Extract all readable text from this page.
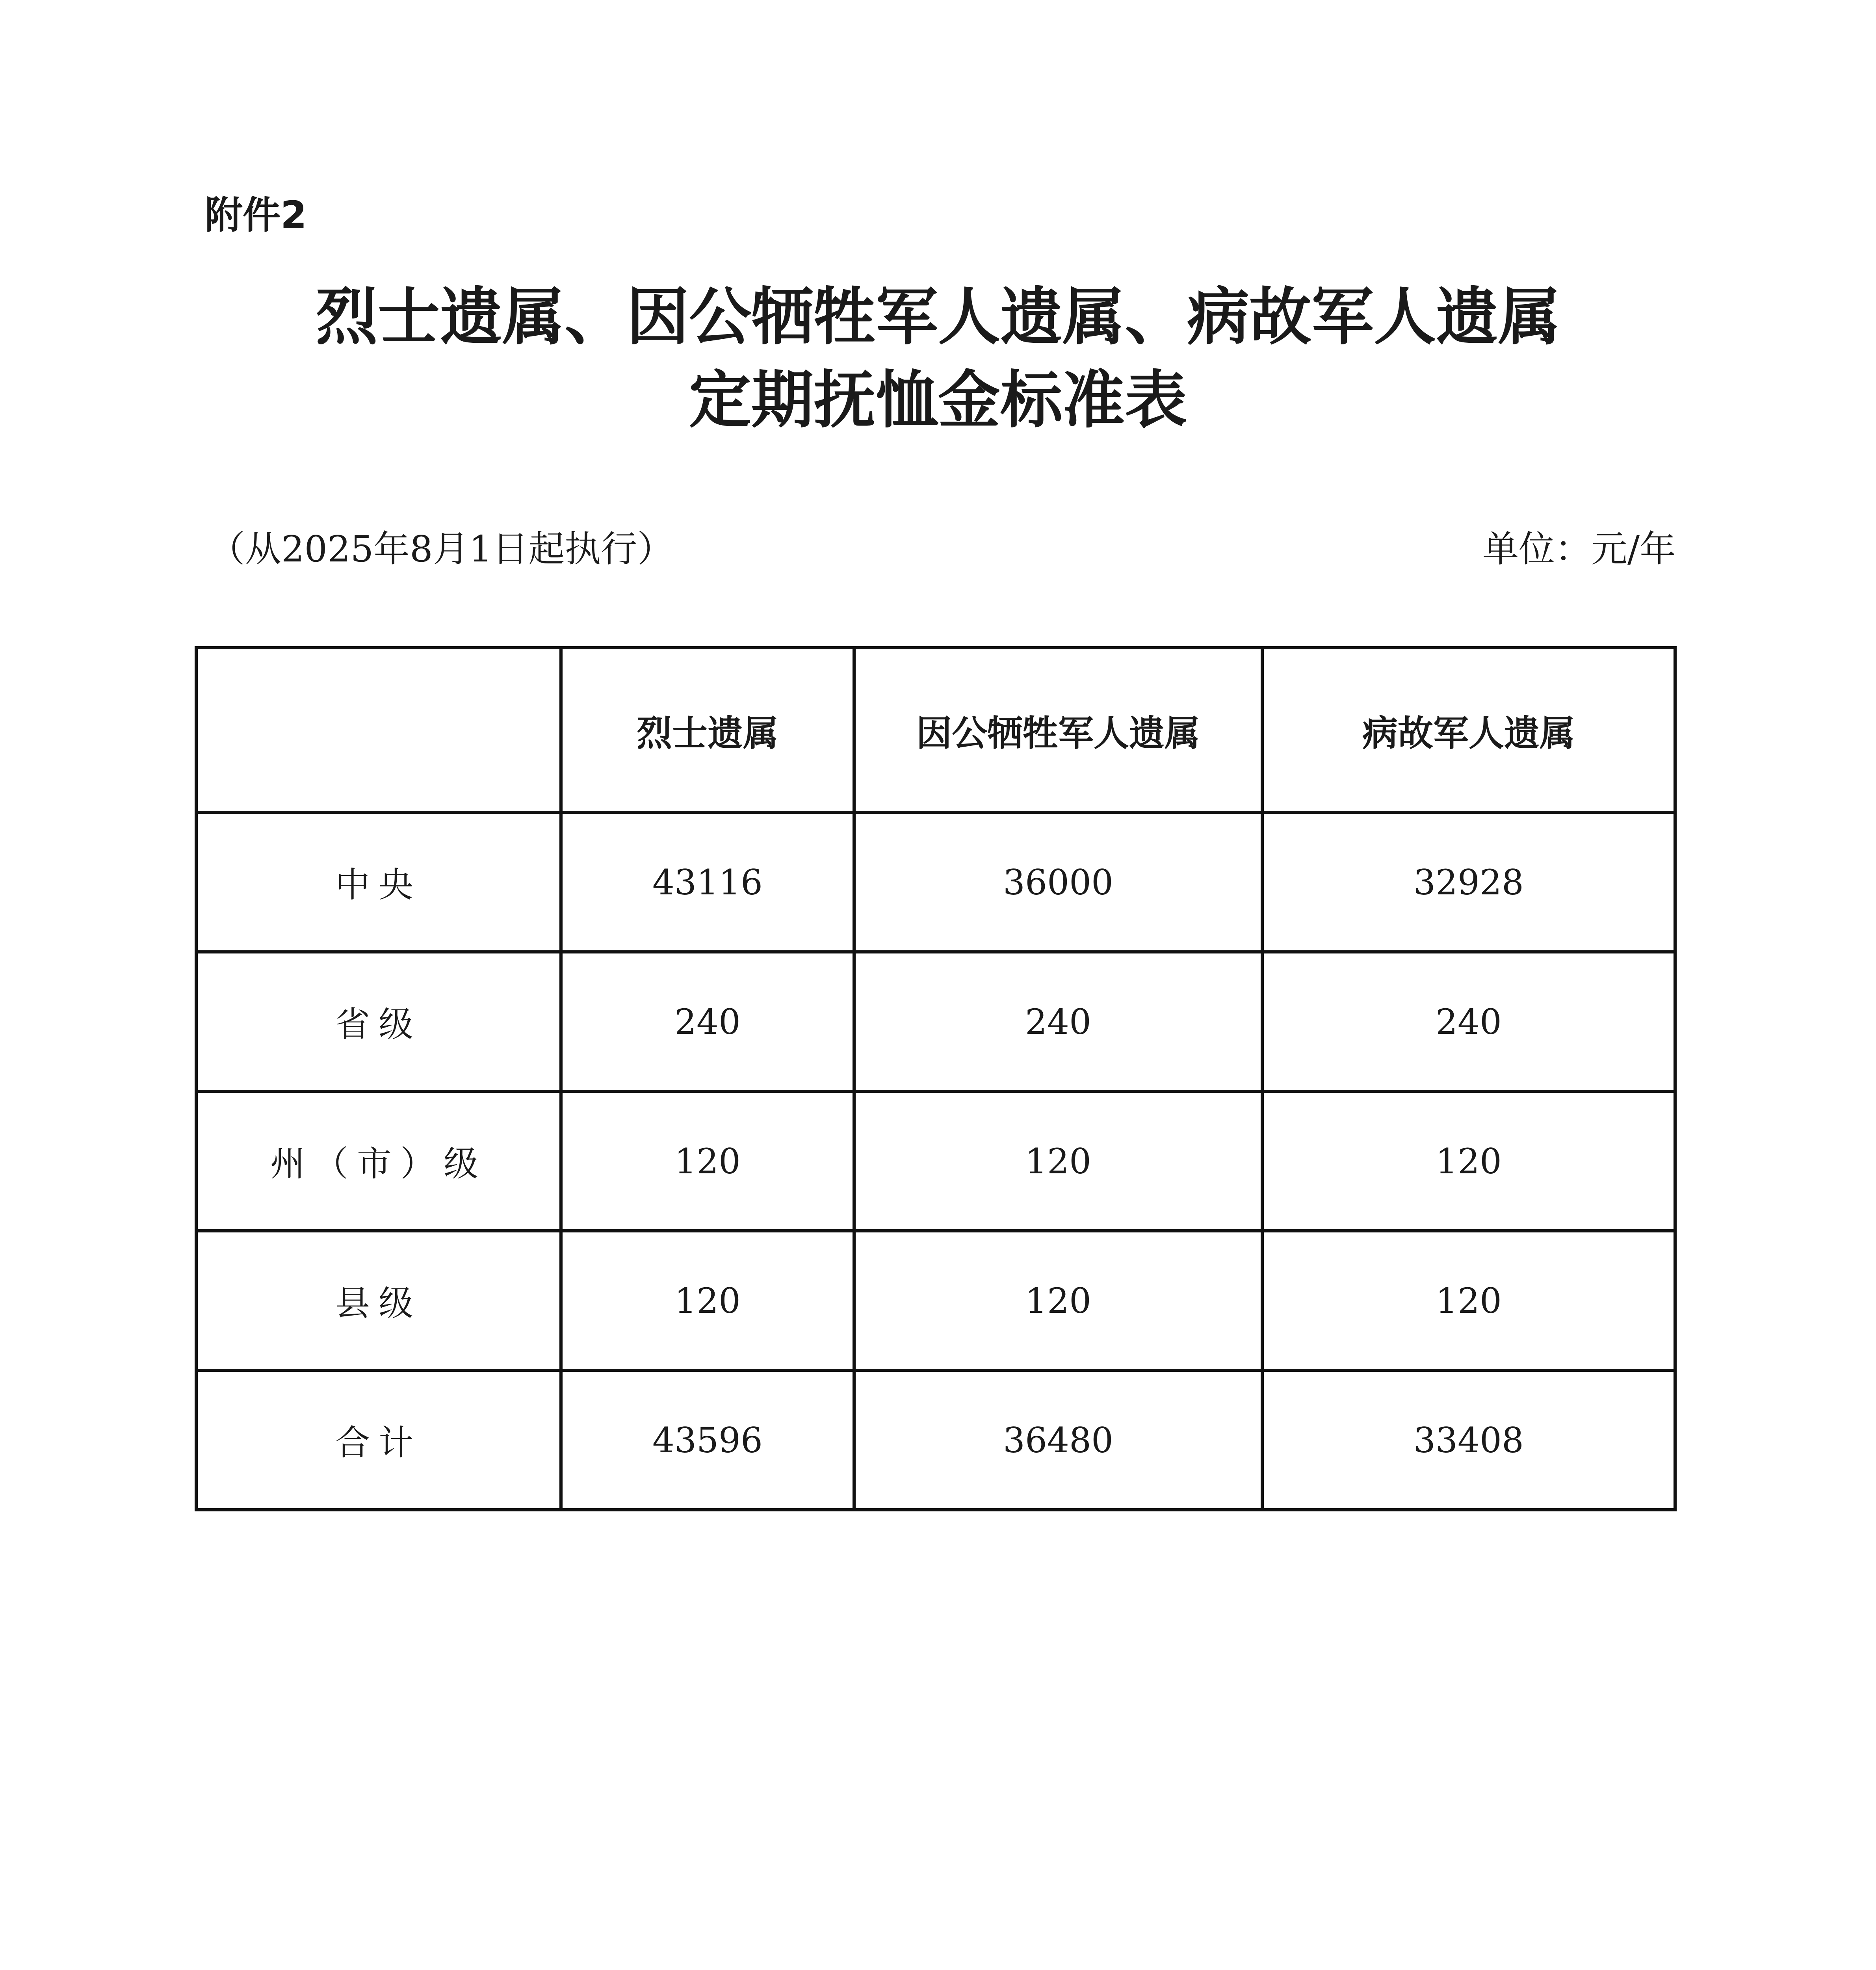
附件2
烈士遗属、因公牺牲军人遗属、病故军人遗属
定期抚恤金标准表
（从2025年8月1日起执行）	单位：元/年
	烈士遗属	因公牺牲军人遗属	病故军人遗属
中央	43116	36000	32928
省级	240	240	240
州（市）级	120	120	120
县级	120	120	120
合计	43596	36480	33408
